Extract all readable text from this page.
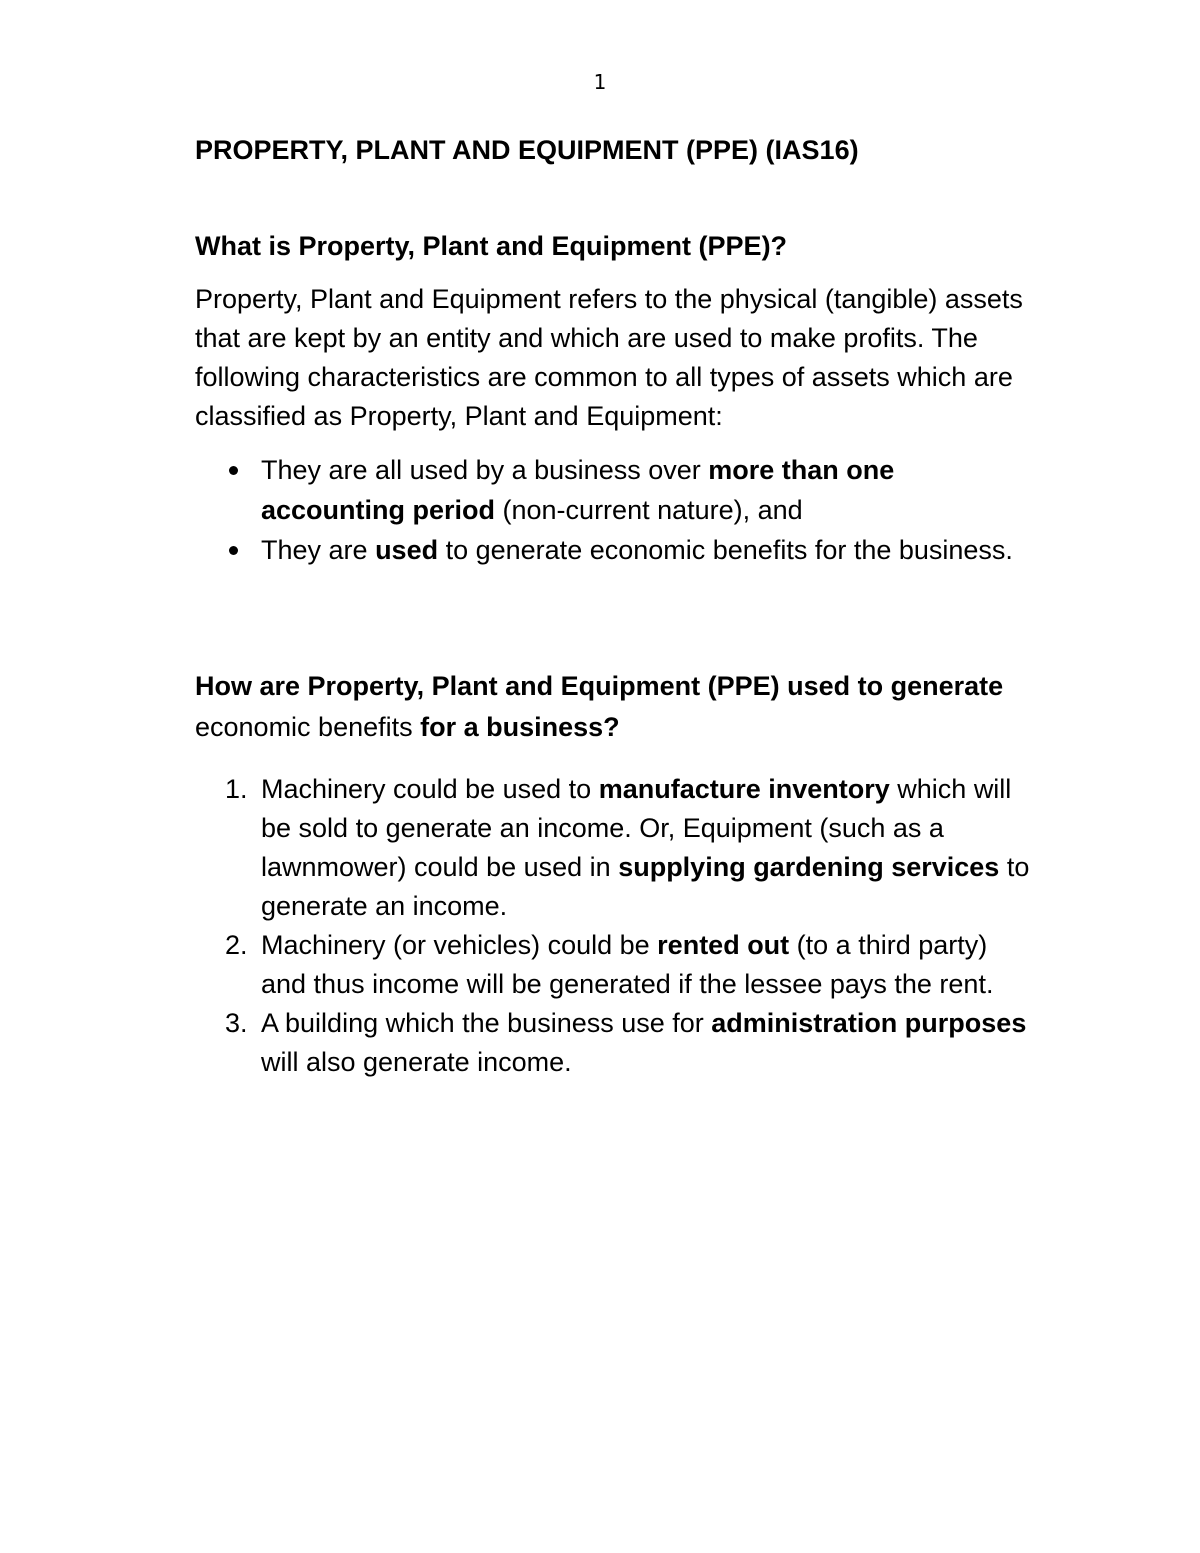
1
PROPERTY, PLANT AND EQUIPMENT (PPE) (IAS16)
What is Property, Plant and Equipment (PPE)?

Property, Plant and Equipment refers to the physical (tangible) assets that are kept by an entity and which are used to make profits. The following characteristics are common to all types of assets which are classified as Property, Plant and Equipment:

They are all used by a business over more than one accounting period (non-current nature), and
They are used to generate economic benefits for the business.
How are Property, Plant and Equipment (PPE) used to generate economic benefits for a business?
1. Machinery could be used to manufacture inventory which will be sold to generate an income. Or, Equipment (such as a lawnmower) could be used in supplying gardening services to generate an income.
2. Machinery (or vehicles) could be rented out (to a third party) and thus income will be generated if the lessee pays the rent.
3. A building which the business use for administration purposes will also generate income.
